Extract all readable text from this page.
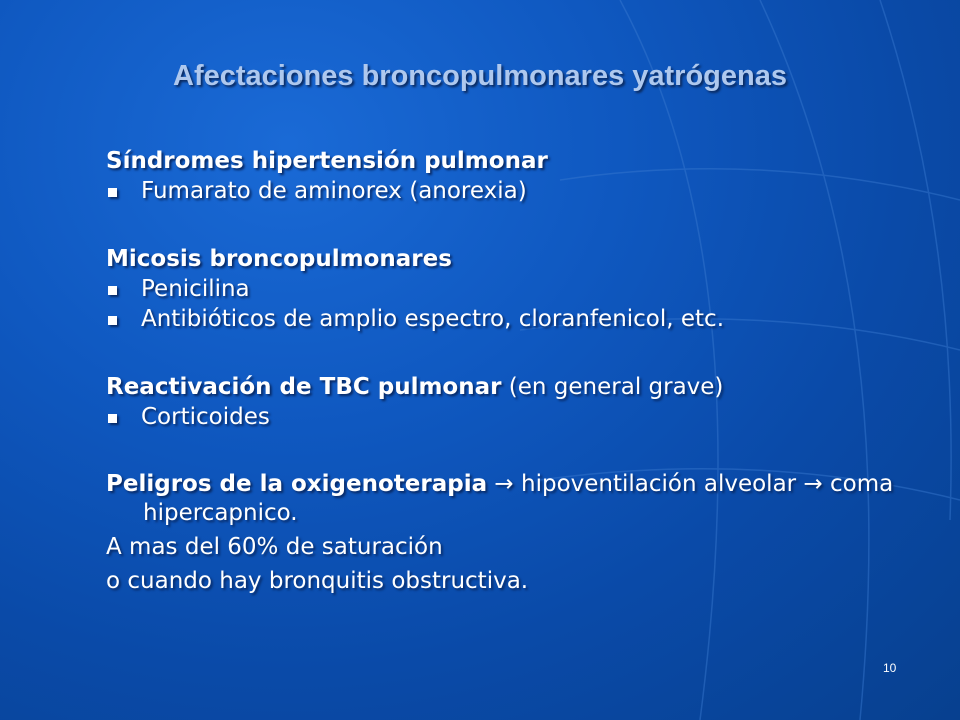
Afectaciones broncopulmonares yatrógenas
Síndromes hipertensión pulmonar
Fumarato de aminorex (anorexia)
Micosis broncopulmonares
Penicilina
Antibióticos de amplio espectro, cloranfenicol, etc.
Reactivación de TBC pulmonar (en general grave)
Corticoides
Peligros de la oxigenoterapia → hipoventilación alveolar → coma hipercapnico.
A mas del 60% de saturación
o cuando hay bronquitis obstructiva.
10
